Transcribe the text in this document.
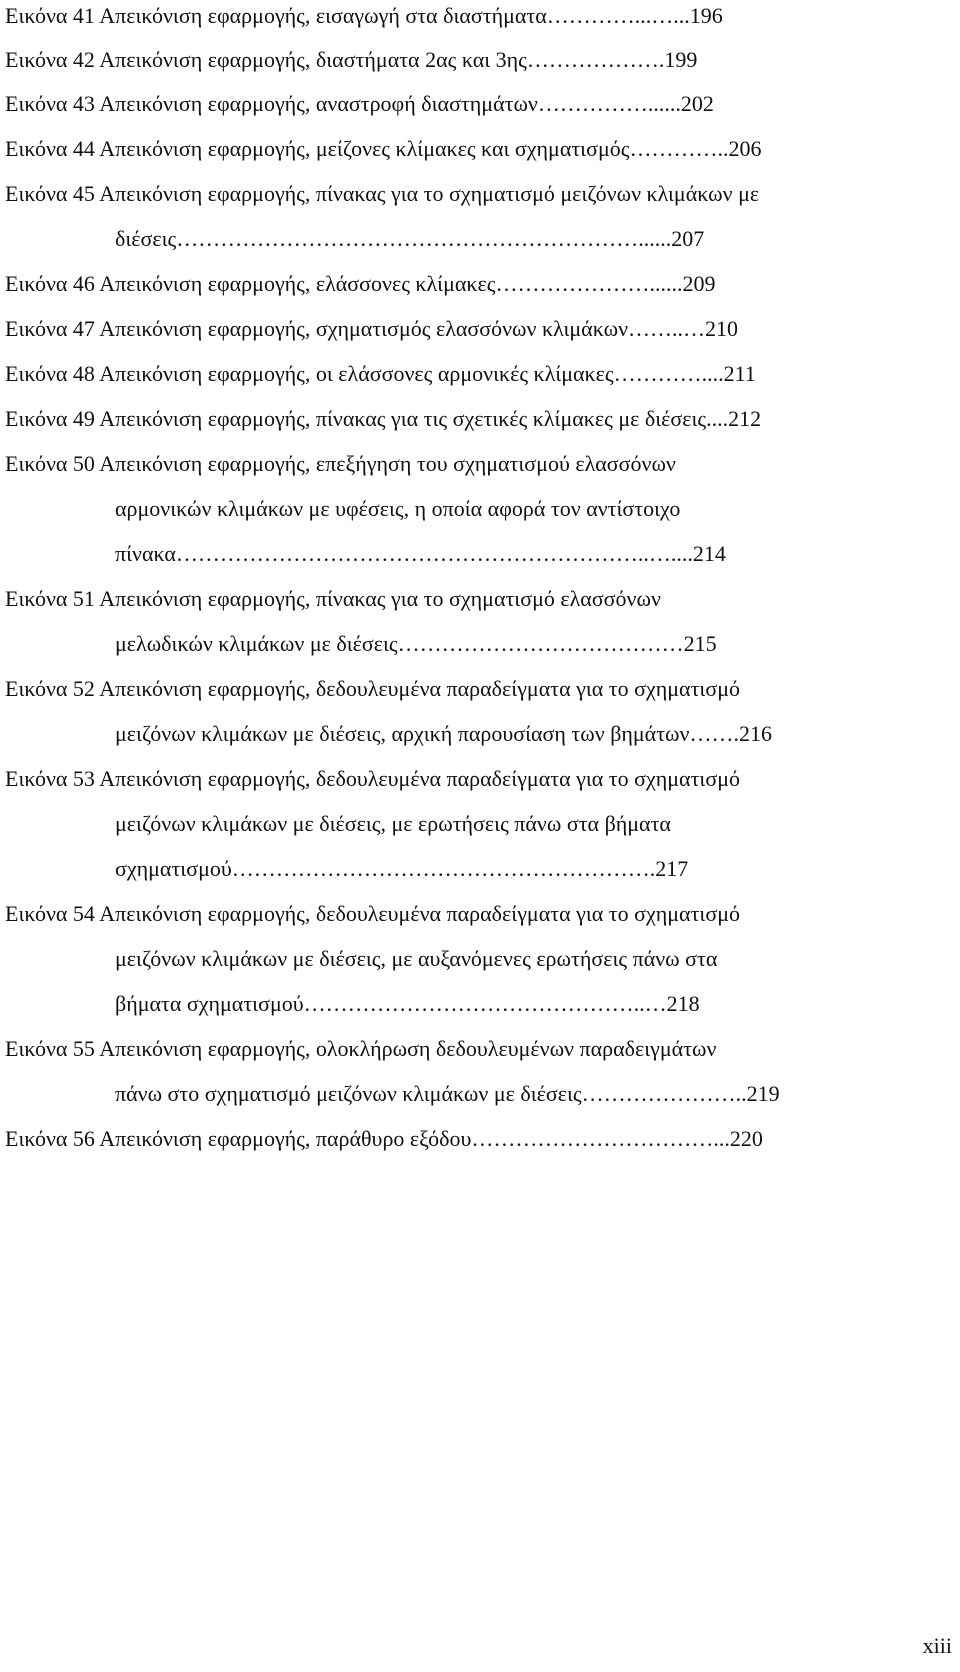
Εικόνα 41 Απεικόνιση εφαρμογής, εισαγωγή στα διαστήματα…………...…...196
Εικόνα 42 Απεικόνιση εφαρμογής, διαστήματα 2ας και 3ης……………….199
Εικόνα 43 Απεικόνιση εφαρμογής, αναστροφή διαστημάτων……………......202
Εικόνα 44 Απεικόνιση εφαρμογής, μείζονες κλίμακες και σχηματισμός…………..206
Εικόνα 45 Απεικόνιση εφαρμογής, πίνακας για το σχηματισμό μειζόνων κλιμάκων με
διέσεις………………………………………………………......207
Εικόνα 46 Απεικόνιση εφαρμογής, ελάσσονες κλίμακες…………………......209
Εικόνα 47 Απεικόνιση εφαρμογής, σχηματισμός ελασσόνων κλιμάκων……..…210
Εικόνα 48 Απεικόνιση εφαρμογής, οι ελάσσονες αρμονικές κλίμακες…………....211
Εικόνα 49 Απεικόνιση εφαρμογής, πίνακας για τις σχετικές κλίμακες με διέσεις....212
Εικόνα 50 Απεικόνιση εφαρμογής, επεξήγηση του σχηματισμού ελασσόνων
αρμονικών κλιμάκων με υφέσεις, η οποία αφορά τον αντίστοιχο
πίνακα………………………………………………………..…....214
Εικόνα 51 Απεικόνιση εφαρμογής, πίνακας για το σχηματισμό ελασσόνων
μελωδικών κλιμάκων με διέσεις…………………………………215
Εικόνα 52 Απεικόνιση εφαρμογής, δεδουλευμένα παραδείγματα για το σχηματισμό
μειζόνων κλιμάκων με διέσεις, αρχική παρουσίαση των βημάτων…….216
Εικόνα 53 Απεικόνιση εφαρμογής, δεδουλευμένα παραδείγματα για το σχηματισμό
μειζόνων κλιμάκων με διέσεις, με ερωτήσεις πάνω στα βήματα
σχηματισμού………………………………………………….217
Εικόνα 54 Απεικόνιση εφαρμογής, δεδουλευμένα παραδείγματα για το σχηματισμό
μειζόνων κλιμάκων με διέσεις, με αυξανόμενες ερωτήσεις πάνω στα
βήματα σχηματισμού………………………………………..…218
Εικόνα 55 Απεικόνιση εφαρμογής, ολοκλήρωση δεδουλευμένων παραδειγμάτων
πάνω στο σχηματισμό μειζόνων κλιμάκων με διέσεις…………………..219
Εικόνα 56 Απεικόνιση εφαρμογής, παράθυρο εξόδου……………………………...220
xiii
